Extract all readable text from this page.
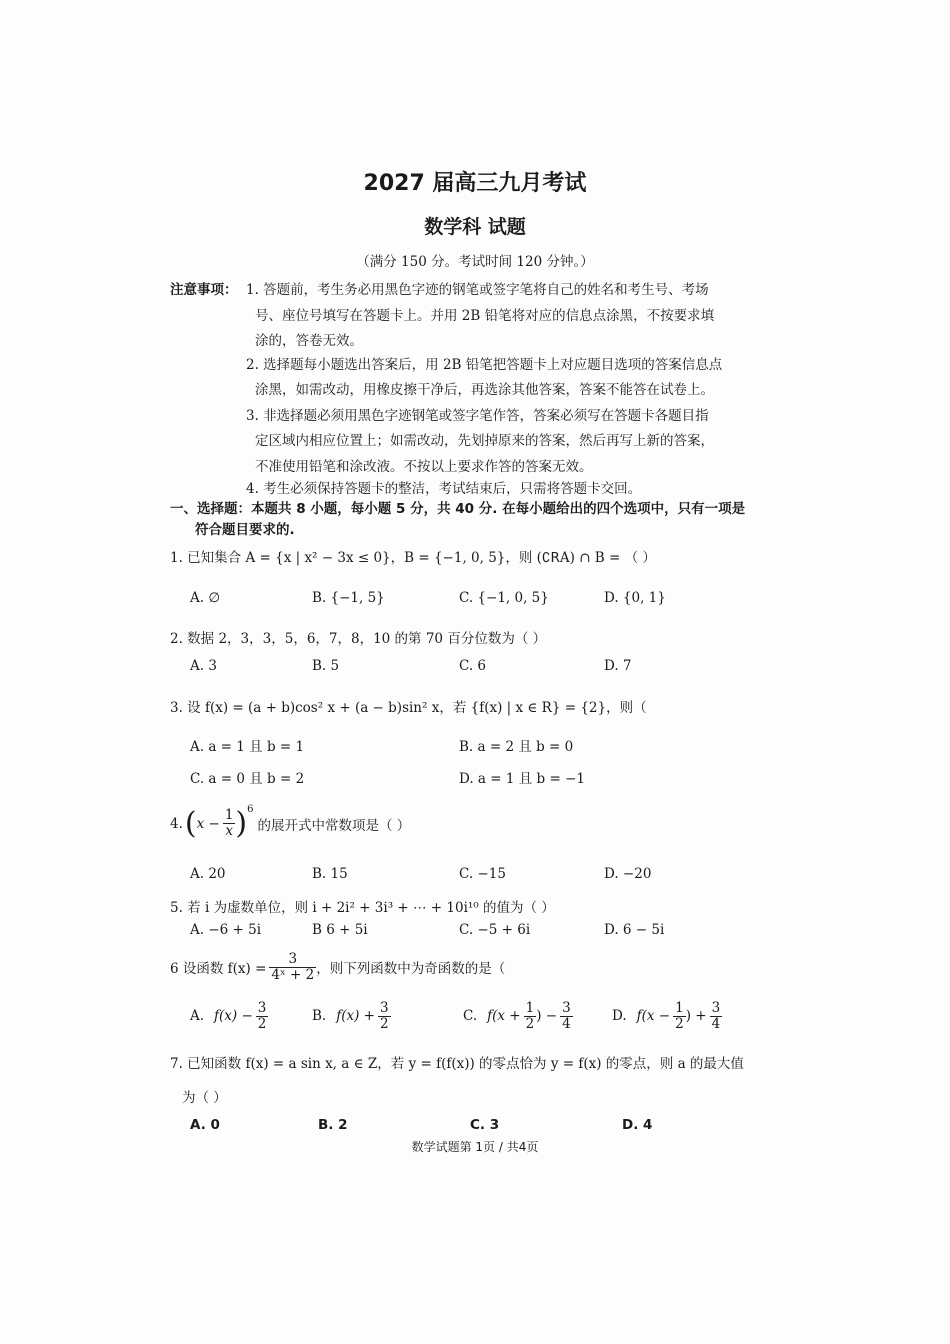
2027 届高三九月考试
数学科 试题
（满分 150 分。考试时间 120 分钟。）
注意事项： 1. 答题前，考生务必用黑色字迹的钢笔或签字笔将自己的姓名和考生号、考场
号、座位号填写在答题卡上。并用 2B 铅笔将对应的信息点涂黑，不按要求填
涂的，答卷无效。
2. 选择题每小题选出答案后，用 2B 铅笔把答题卡上对应题目选项的答案信息点
涂黑，如需改动，用橡皮擦干净后，再选涂其他答案，答案不能答在试卷上。
3. 非选择题必须用黑色字迹钢笔或签字笔作答，答案必须写在答题卡各题目指
定区域内相应位置上；如需改动，先划掉原来的答案，然后再写上新的答案，
不准使用铅笔和涂改液。不按以上要求作答的答案无效。
4. 考生必须保持答题卡的整洁，考试结束后，只需将答题卡交回。
一、选择题：本题共 8 小题，每小题 5 分，共 40 分. 在每小题给出的四个选项中，只有一项是
符合题目要求的.
1. 已知集合 A = {x | x² − 3x ≤ 0}，B = {−1, 0, 5}，则 (∁ꓣA) ∩ B = （ ）
A. ∅	B. {−1, 5}	C. {−1, 0, 5}	D. {0, 1}
2. 数据 2，3，3，5，6，7，8，10 的第 70 百分位数为（ ）
A. 3	B. 5	C. 6	D. 7
3. 设 f(x) = (a + b)cos² x + (a − b)sin² x，若 {f(x) | x ∈ R} = {2}，则（
A. a = 1 且 b = 1	B. a = 2 且 b = 0
C. a = 0 且 b = 2	D. a = 1 且 b = −1
4. ( $x - \frac{1}{x} )^6$
的展开式中常数项是（ ）
A. 20	B. 15	C. −15	D. −20
5. 若 i 为虚数单位，则 i + 2i² + 3i³ + ⋯ + 10i¹⁰ 的值为（ ）
A. −6 + 5i	B 6 + 5i	C. −5 + 6i	D. 6 − 5i
6 设函数 $f(x) = \frac{3}{\text{4ˣ + 2}}$ ，则下列函数中为奇函数的是（
A. $f(x) - \frac{3}{2}$	B. $f(x) + \frac{3}{2}$	C. $f(x + \frac{1}{2}$ ) − $\frac{3}{4}$	D. $f(x - \frac{1}{2}$ ) + $\frac{3}{4}$
7. 已知函数 f(x) = a sin x, a ∈ Z，若 y = f(f(x)) 的零点恰为 y = f(x) 的零点，则 a 的最大值
为（ ）
A. 0	B. 2	C. 3	D. 4
数学试题第 1页 / 共4页
